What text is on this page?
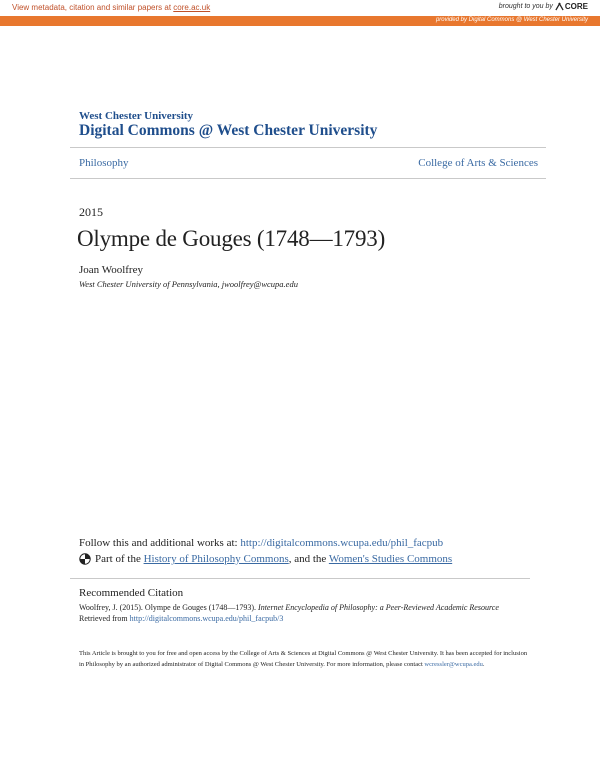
View metadata, citation and similar papers at core.ac.uk	brought to you by CORE
provided by Digital Commons @ West Chester University
West Chester University
Digital Commons @ West Chester University
Philosophy	College of Arts & Sciences
2015
Olympe de Gouges (1748—1793)
Joan Woolfrey
West Chester University of Pennsylvania, jwoolfrey@wcupa.edu
Follow this and additional works at: http://digitalcommons.wcupa.edu/phil_facpub
Part of the History of Philosophy Commons, and the Women's Studies Commons
Recommended Citation
Woolfrey, J. (2015). Olympe de Gouges (1748—1793). Internet Encyclopedia of Philosophy: a Peer-Reviewed Academic Resource
Retrieved from http://digitalcommons.wcupa.edu/phil_facpub/3
This Article is brought to you for free and open access by the College of Arts & Sciences at Digital Commons @ West Chester University. It has been accepted for inclusion in Philosophy by an authorized administrator of Digital Commons @ West Chester University. For more information, please contact wcressler@wcupa.edu.
